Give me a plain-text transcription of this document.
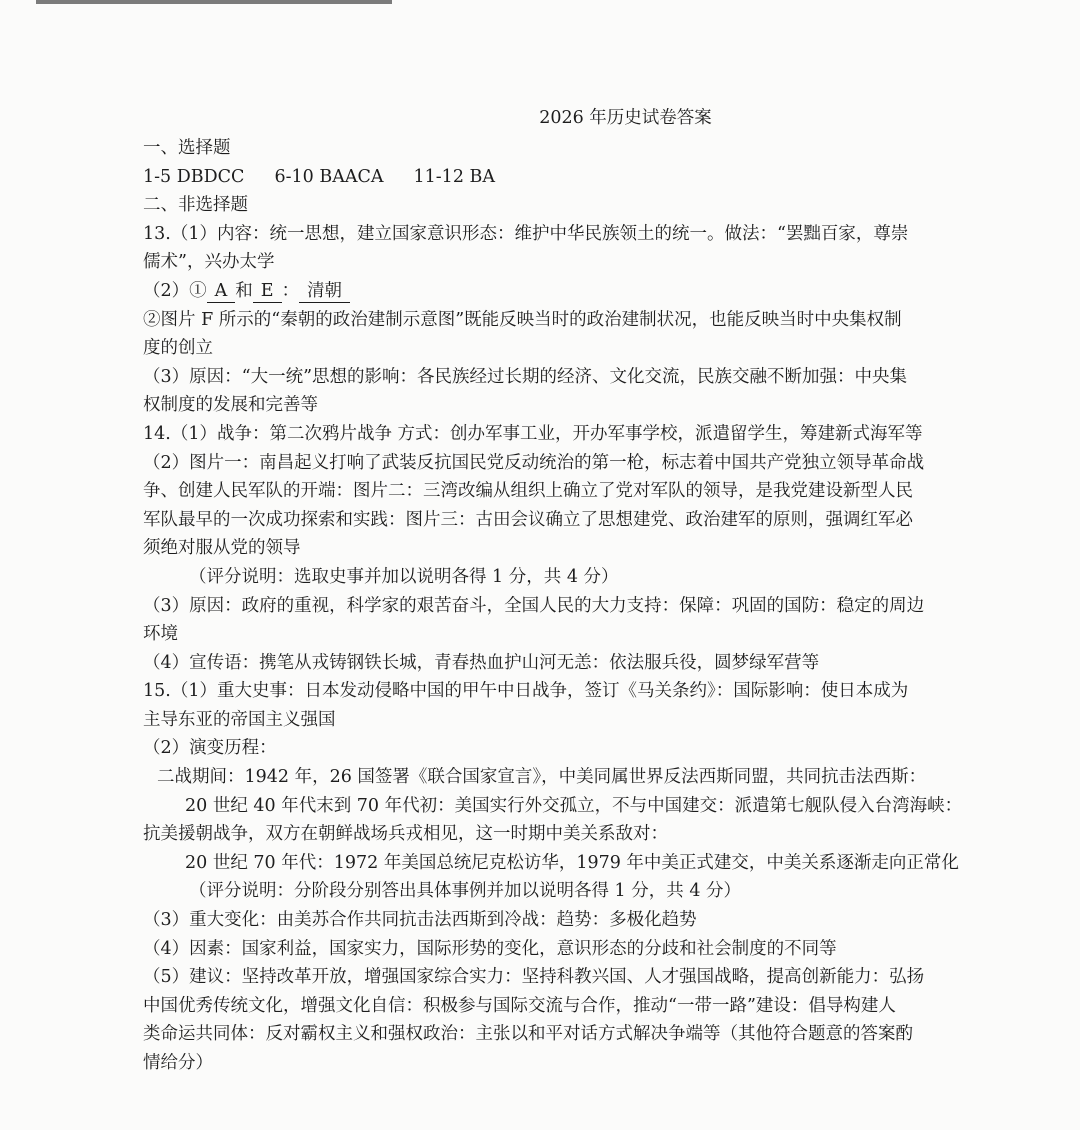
2026 年历史试卷答案
一、选择题
1-5 DBDCC 6-10 BAACA 11-12 BA
二、非选择题
13.（1）内容：统一思想，建立国家意识形态：维护中华民族领土的统一。做法：“罢黜百家，尊崇
儒术”，兴办太学
（2）① A 和 E ： 清朝
②图片 F 所示的“秦朝的政治建制示意图”既能反映当时的政治建制状况，也能反映当时中央集权制
度的创立
（3）原因：“大一统”思想的影响：各民族经过长期的经济、文化交流，民族交融不断加强：中央集
权制度的发展和完善等
14.（1）战争：第二次鸦片战争 方式：创办军事工业，开办军事学校，派遣留学生，筹建新式海军等
（2）图片一：南昌起义打响了武装反抗国民党反动统治的第一枪，标志着中国共产党独立领导革命战
争、创建人民军队的开端：图片二：三湾改编从组织上确立了党对军队的领导，是我党建设新型人民
军队最早的一次成功探索和实践：图片三：古田会议确立了思想建党、政治建军的原则，强调红军必
须绝对服从党的领导
（评分说明：选取史事并加以说明各得 1 分，共 4 分）
（3）原因：政府的重视，科学家的艰苦奋斗，全国人民的大力支持：保障：巩固的国防：稳定的周边
环境
（4）宣传语：携笔从戎铸钢铁长城，青春热血护山河无恙：依法服兵役，圆梦绿军营等
15.（1）重大史事：日本发动侵略中国的甲午中日战争，签订《马关条约》：国际影响：使日本成为
主导东亚的帝国主义强国
（2）演变历程：
二战期间：1942 年，26 国签署《联合国家宣言》，中美同属世界反法西斯同盟，共同抗击法西斯：
20 世纪 40 年代末到 70 年代初：美国实行外交孤立，不与中国建交：派遣第七舰队侵入台湾海峡：
抗美援朝战争，双方在朝鲜战场兵戎相见，这一时期中美关系敌对：
20 世纪 70 年代：1972 年美国总统尼克松访华，1979 年中美正式建交，中美关系逐渐走向正常化
（评分说明：分阶段分别答出具体事例并加以说明各得 1 分，共 4 分）
（3）重大变化：由美苏合作共同抗击法西斯到冷战：趋势：多极化趋势
（4）因素：国家利益，国家实力，国际形势的变化，意识形态的分歧和社会制度的不同等
（5）建议：坚持改革开放，增强国家综合实力：坚持科教兴国、人才强国战略，提高创新能力：弘扬
中国优秀传统文化，增强文化自信：积极参与国际交流与合作，推动“一带一路”建设：倡导构建人
类命运共同体：反对霸权主义和强权政治：主张以和平对话方式解决争端等（其他符合题意的答案酌
情给分）
